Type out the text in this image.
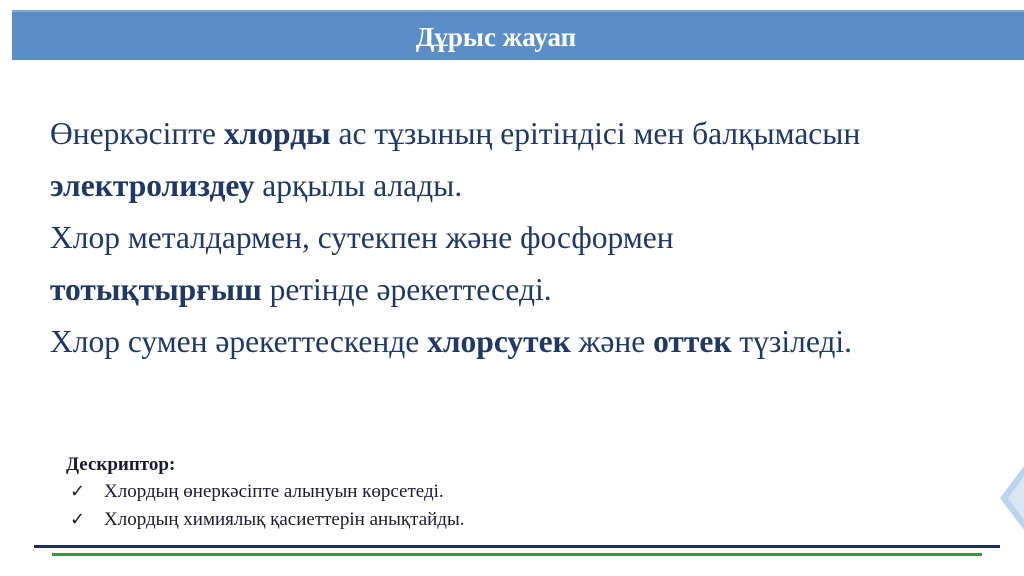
Дұрыс жауап
Өнеркәсіпте хлорды ас тұзының ерітіндісі мен балқымасын
электролиздеу арқылы алады.
Хлор металдармен, сутекпен және фосформен
тотықтырғыш ретінде әрекеттеседі.
Хлор сумен әрекеттескенде хлорсутек және оттек түзіледі.
Дескриптор:
✓ Хлордың өнеркәсіпте алынуын көрсетеді.
✓ Хлордың химиялық қасиеттерін анықтайды.
